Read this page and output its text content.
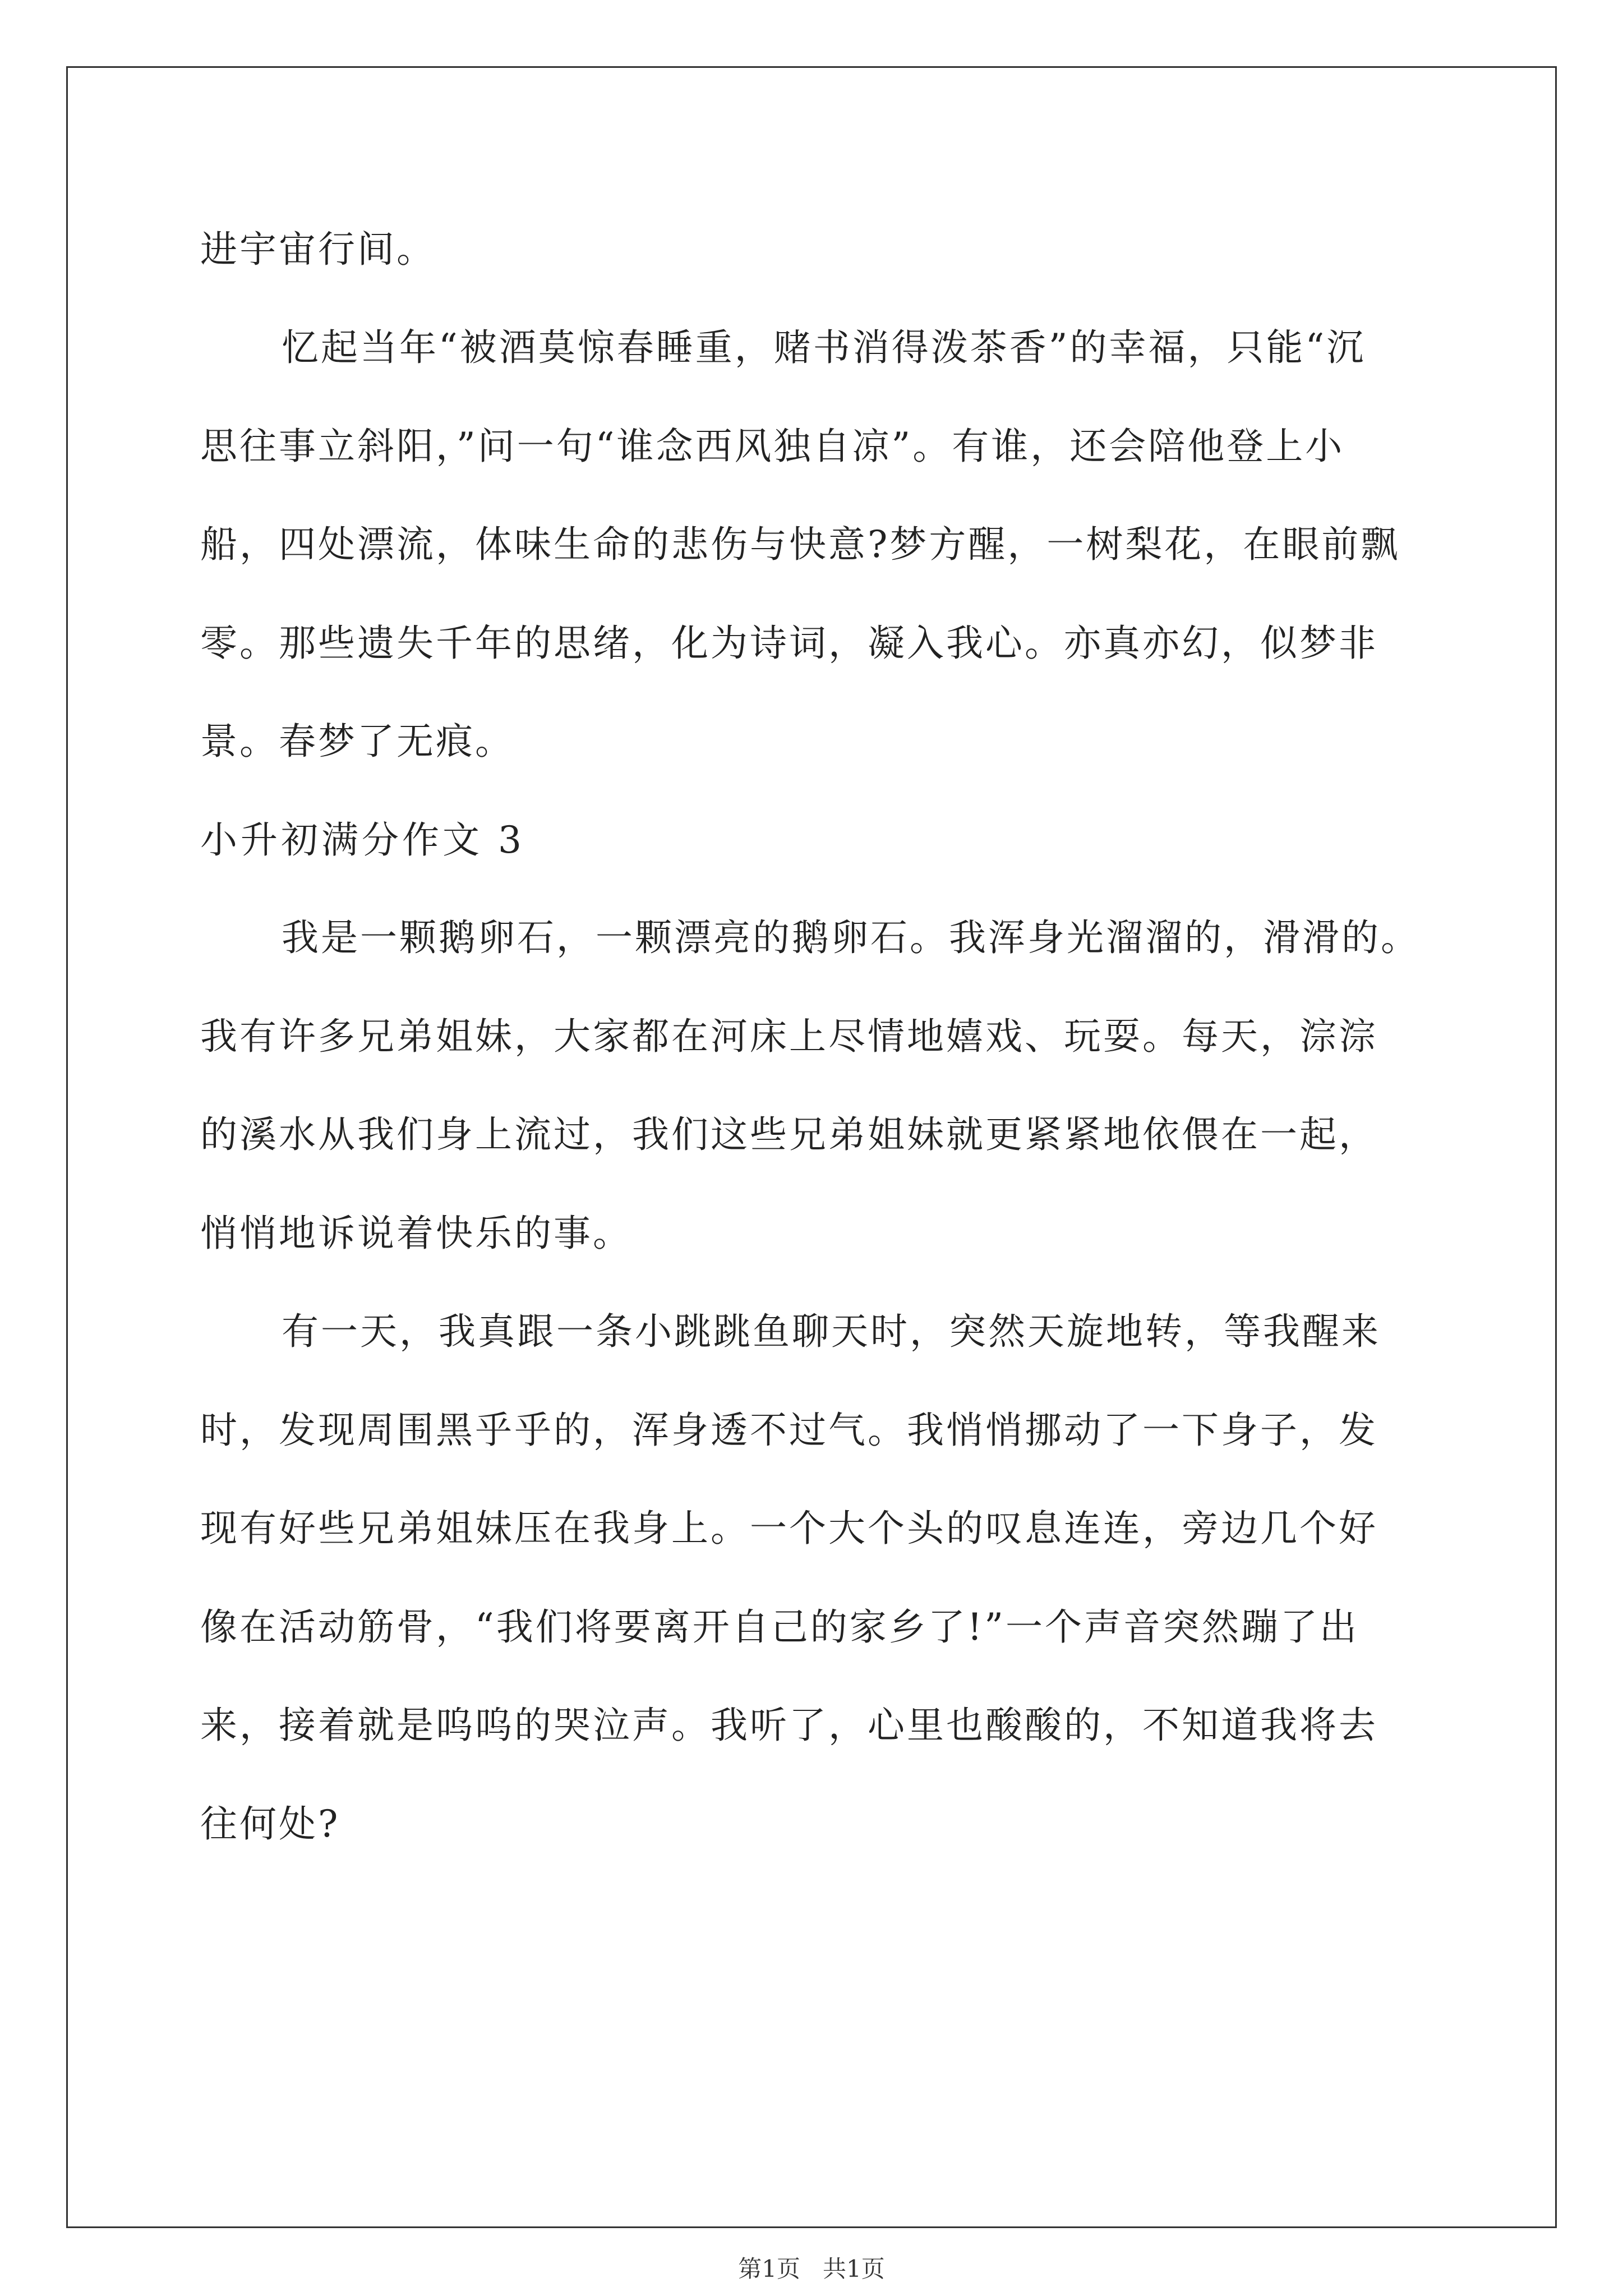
进宇宙行间。
忆起当年“被酒莫惊春睡重，赌书消得泼茶香”的幸福，只能“沉
思往事立斜阳，”问一句“谁念西风独自凉”。有谁，还会陪他登上小
船，四处漂流，体味生命的悲伤与快意?梦方醒，一树梨花，在眼前飘
零。那些遗失千年的思绪，化为诗词，凝入我心。亦真亦幻，似梦非
景。春梦了无痕。
小升初满分作文 3
我是一颗鹅卵石，一颗漂亮的鹅卵石。我浑身光溜溜的，滑滑的。
我有许多兄弟姐妹，大家都在河床上尽情地嬉戏、玩耍。每天，淙淙
的溪水从我们身上流过，我们这些兄弟姐妹就更紧紧地依偎在一起，
悄悄地诉说着快乐的事。
有一天，我真跟一条小跳跳鱼聊天时，突然天旋地转，等我醒来
时，发现周围黑乎乎的，浑身透不过气。我悄悄挪动了一下身子，发
现有好些兄弟姐妹压在我身上。一个大个头的叹息连连，旁边几个好
像在活动筋骨，“我们将要离开自己的家乡了!”一个声音突然蹦了出
来，接着就是呜呜的哭泣声。我听了，心里也酸酸的，不知道我将去
往何处?
第1页   共1页
